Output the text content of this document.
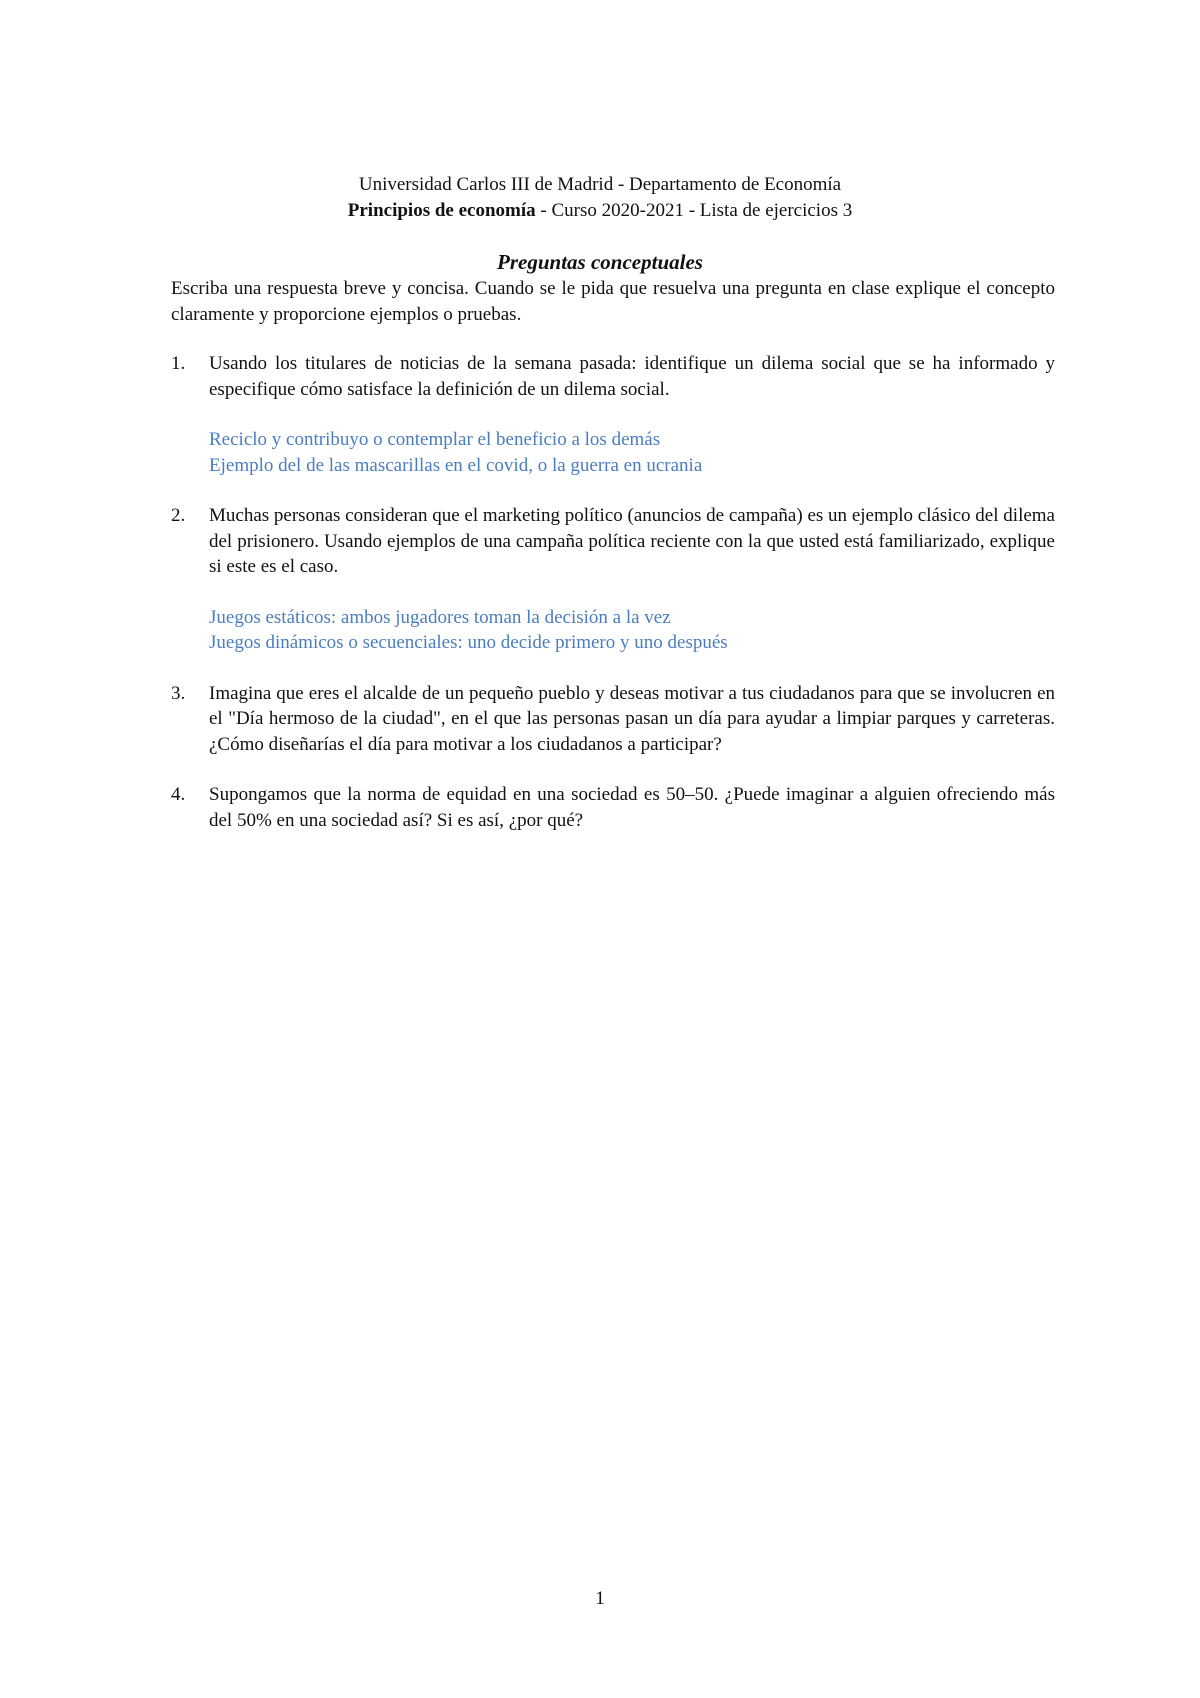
Universidad Carlos III de Madrid - Departamento de Economía
Principios de economía - Curso 2020-2021 - Lista de ejercicios 3
Preguntas conceptuales
Escriba una respuesta breve y concisa. Cuando se le pida que resuelva una pregunta en clase explique el concepto claramente y proporcione ejemplos o pruebas.
1. Usando los titulares de noticias de la semana pasada: identifique un dilema social que se ha informado y especifique cómo satisface la definición de un dilema social.
Reciclo y contribuyo o contemplar el beneficio a los demás
Ejemplo del de las mascarillas en el covid, o la guerra en ucrania
2. Muchas personas consideran que el marketing político (anuncios de campaña) es un ejemplo clásico del dilema del prisionero. Usando ejemplos de una campaña política reciente con la que usted está familiarizado, explique si este es el caso.
Juegos estáticos: ambos jugadores toman la decisión a la vez
Juegos dinámicos o secuenciales: uno decide primero y uno después
3. Imagina que eres el alcalde de un pequeño pueblo y deseas motivar a tus ciudadanos para que se involucren en el "Día hermoso de la ciudad", en el que las personas pasan un día para ayudar a limpiar parques y carreteras. ¿Cómo diseñarías el día para motivar a los ciudadanos a participar?
4. Supongamos que la norma de equidad en una sociedad es 50–50. ¿Puede imaginar a alguien ofreciendo más del 50% en una sociedad así? Si es así, ¿por qué?
1
